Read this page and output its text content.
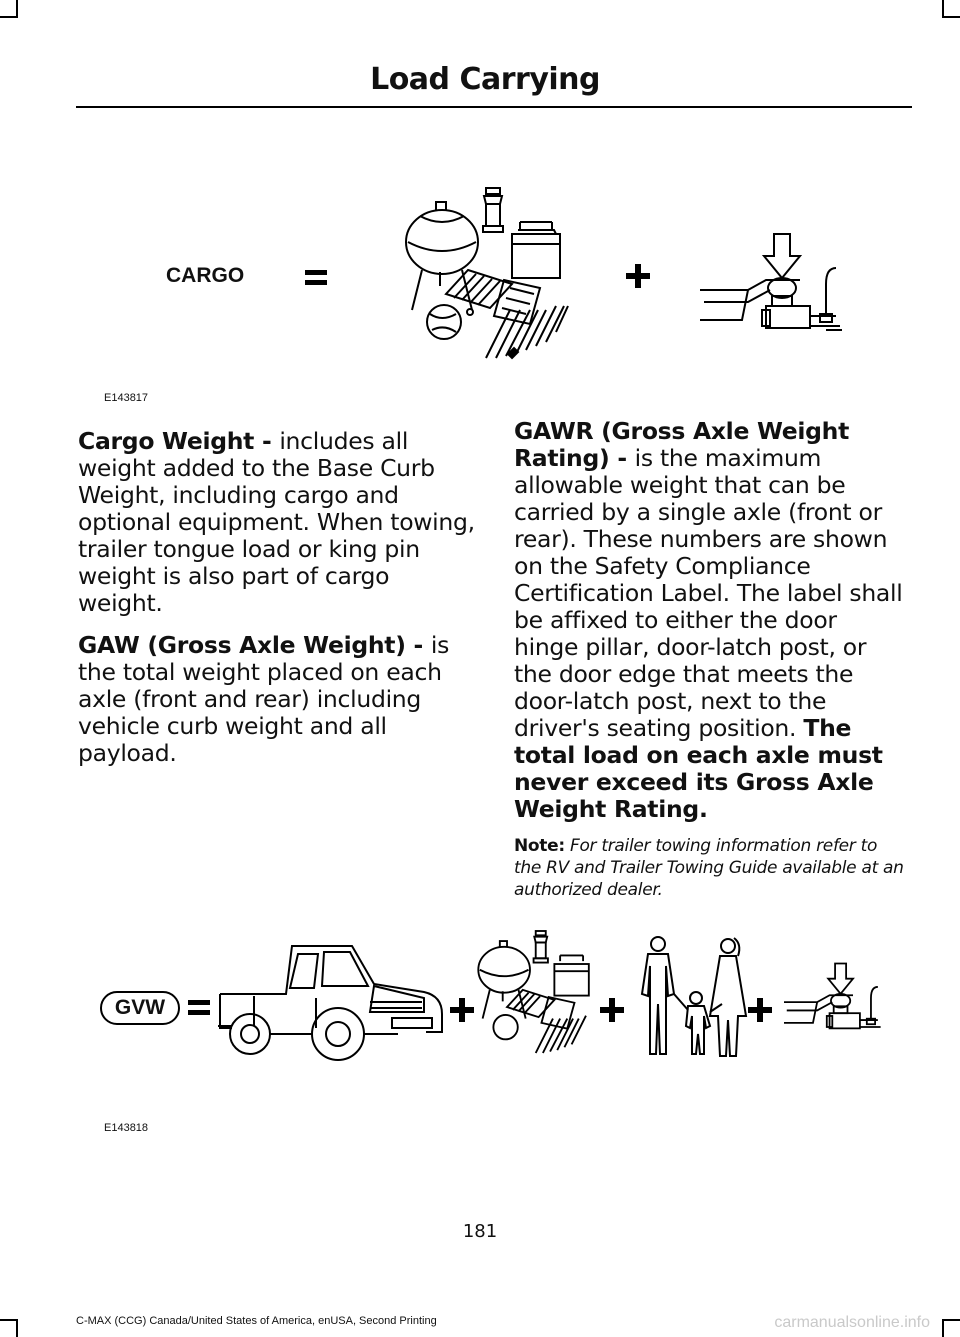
Load Carrying
CARGO
E143817

Cargo Weight - includes all weight added to the Base Curb Weight, including cargo and optional equipment. When towing, trailer tongue load or king pin weight is also part of cargo weight.

GAW (Gross Axle Weight) - is the total weight placed on each axle (front and rear) including vehicle curb weight and all payload.

GAWR (Gross Axle Weight Rating) - is the maximum allowable weight that can be carried by a single axle (front or rear). These numbers are shown on the Safety Compliance Certification Label. The label shall be affixed to either the door hinge pillar, door-latch post, or the door edge that meets the door-latch post, next to the driver's seating position. The total load on each axle must never exceed its Gross Axle Weight Rating.

Note: For trailer towing information refer to the RV and Trailer Towing Guide available at an authorized dealer.

GVW
E143818
181
C-MAX (CCG) Canada/United States of America, enUSA, Second Printing	carmanualsonline.info
